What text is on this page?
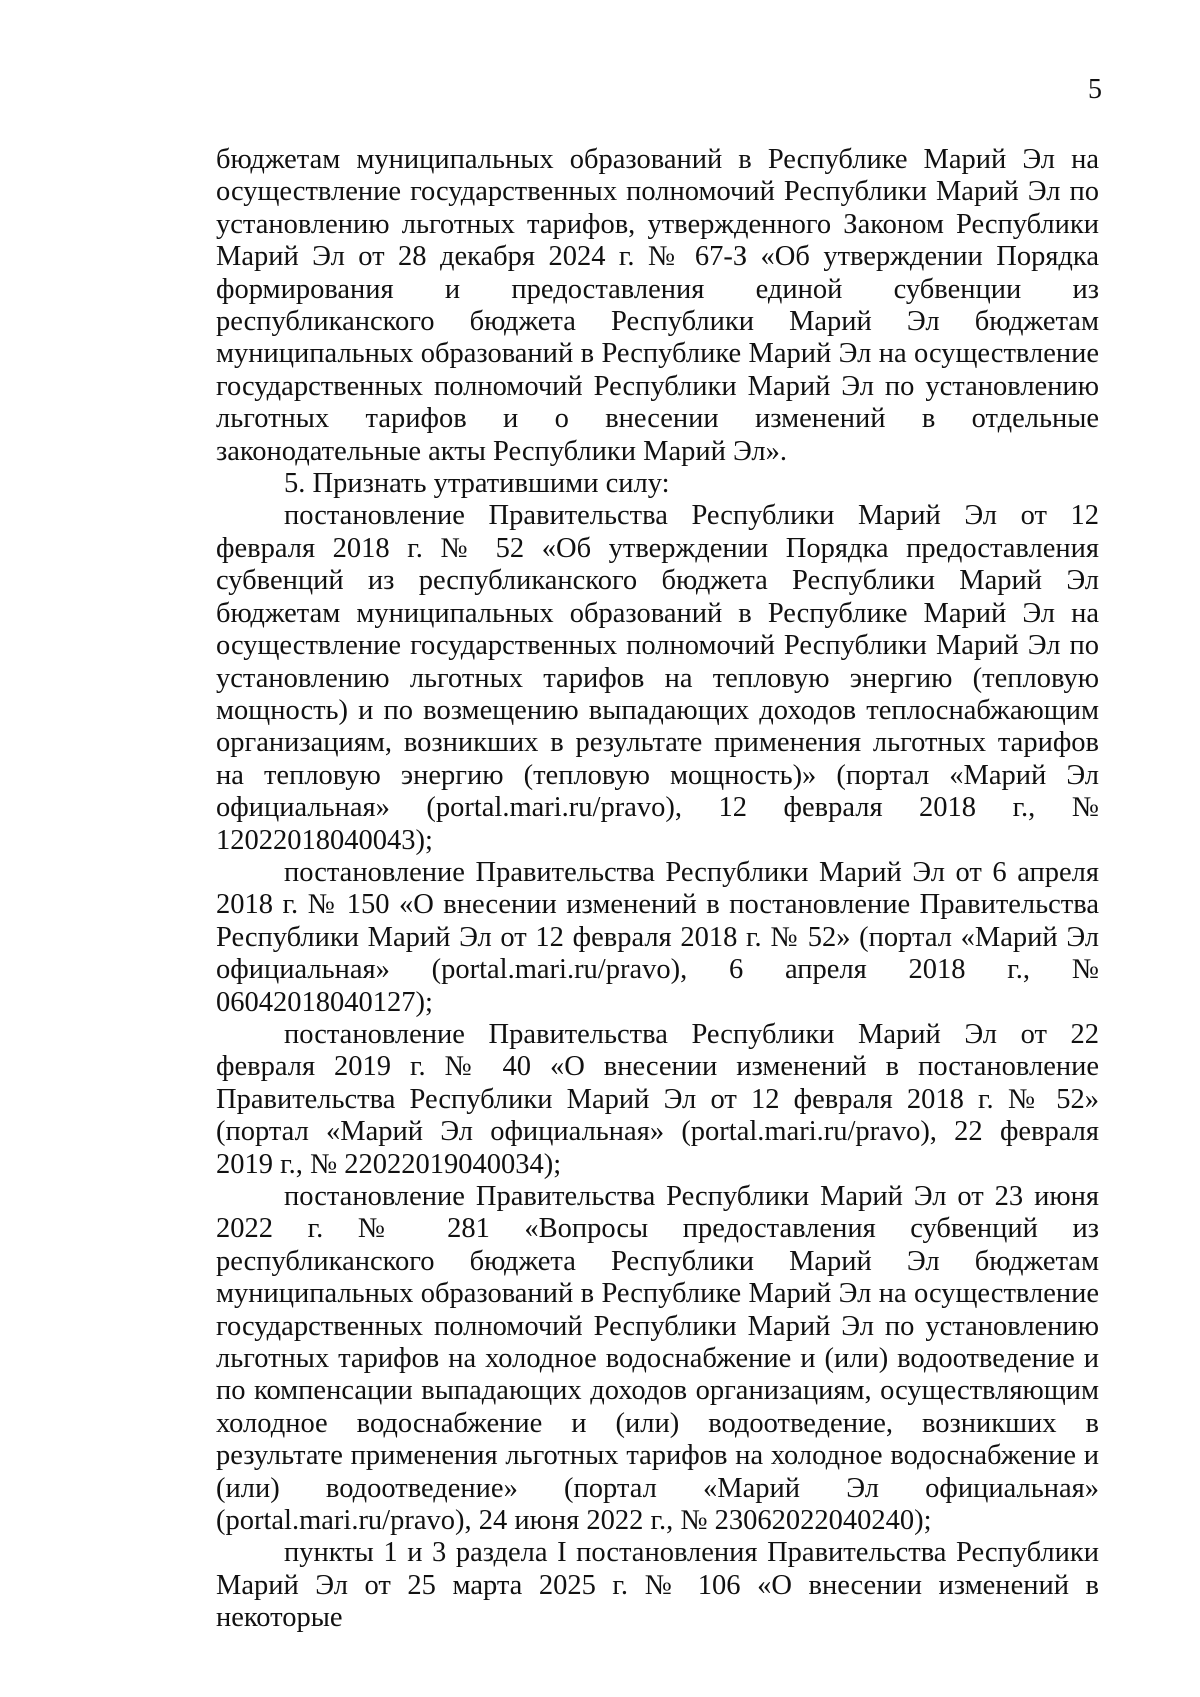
5

бюджетам муниципальных образований в Республике Марий Эл на осуществление государственных полномочий Республики Марий Эл по установлению льготных тарифов, утвержденного Законом Республики Марий Эл от 28 декабря 2024 г. № 67-З «Об утверждении Порядка формирования и предоставления единой субвенции из республиканского бюджета Республики Марий Эл бюджетам муниципальных образований в Республике Марий Эл на осуществление государственных полномочий Республики Марий Эл по установлению льготных тарифов и о внесении изменений в отдельные законодательные акты Республики Марий Эл».

5. Признать утратившими силу:

постановление Правительства Республики Марий Эл от 12 февраля 2018 г. № 52 «Об утверждении Порядка предоставления субвенций из республиканского бюджета Республики Марий Эл бюджетам муниципальных образований в Республике Марий Эл на осуществление государственных полномочий Республики Марий Эл по установлению льготных тарифов на тепловую энергию (тепловую мощность) и по возмещению выпадающих доходов теплоснабжающим организациям, возникших в результате применения льготных тарифов на тепловую энергию (тепловую мощность)» (портал «Марий Эл официальная» (portal.mari.ru/pravo), 12 февраля 2018 г., № 12022018040043);

постановление Правительства Республики Марий Эл от 6 апреля 2018 г. № 150 «О внесении изменений в постановление Правительства Республики Марий Эл от 12 февраля 2018 г. № 52» (портал «Марий Эл официальная» (portal.mari.ru/pravo), 6 апреля 2018 г., № 06042018040127);

постановление Правительства Республики Марий Эл от 22 февраля 2019 г. № 40 «О внесении изменений в постановление Правительства Республики Марий Эл от 12 февраля 2018 г. № 52» (портал «Марий Эл официальная» (portal.mari.ru/pravo), 22 февраля 2019 г., № 22022019040034);

постановление Правительства Республики Марий Эл от 23 июня 2022 г. № 281 «Вопросы предоставления субвенций из республиканского бюджета Республики Марий Эл бюджетам муниципальных образований в Республике Марий Эл на осуществление государственных полномочий Республики Марий Эл по установлению льготных тарифов на холодное водоснабжение и (или) водоотведение и по компенсации выпадающих доходов организациям, осуществляющим холодное водоснабжение и (или) водоотведение, возникших в результате применения льготных тарифов на холодное водоснабжение и (или) водоотведение» (портал «Марий Эл официальная» (portal.mari.ru/pravo), 24 июня 2022 г., № 23062022040240);

пункты 1 и 3 раздела I постановления Правительства Республики Марий Эл от 25 марта 2025 г. № 106 «О внесении изменений в некоторые
